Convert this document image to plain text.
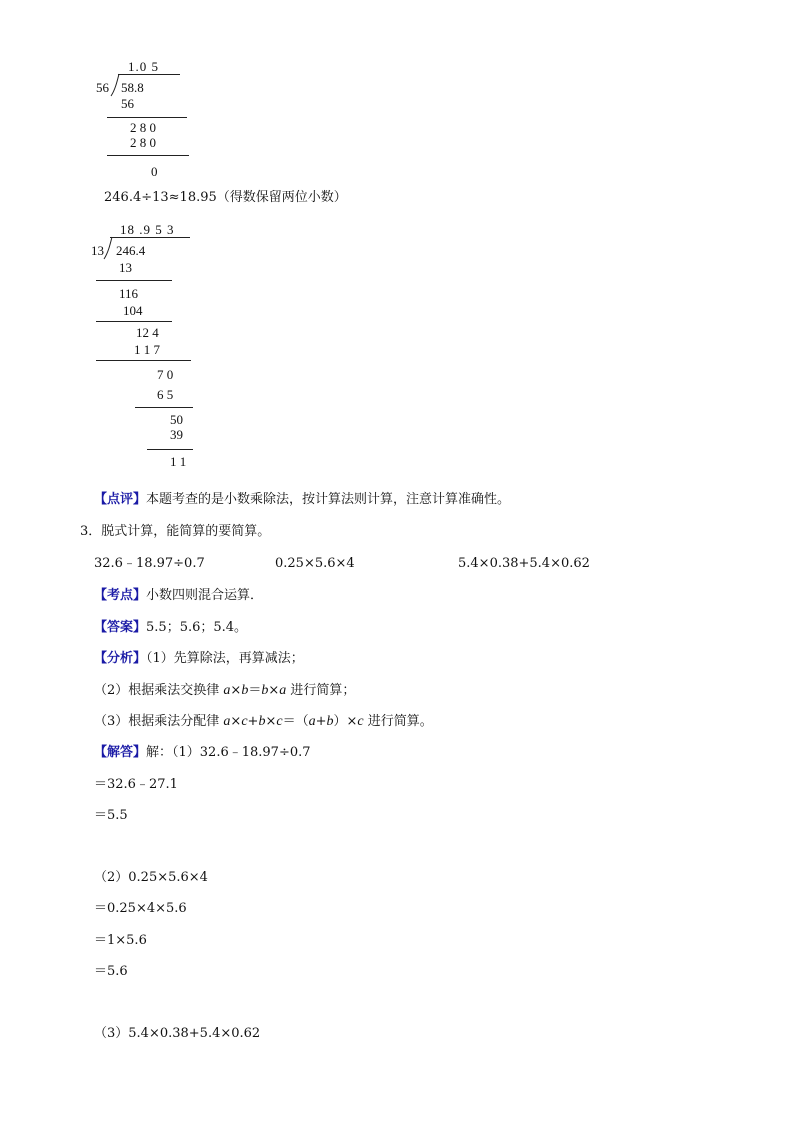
1.0 5
56 58.8
56
2 8 0
2 8 0
0
246.4÷13≈18.95（得数保留两位小数）
18 .9 5 3
13 246.4
13
116
104
12 4
1 1 7
7 0
6 5
50
39
1 1
【点评】本题考查的是小数乘除法，按计算法则计算，注意计算准确性。
3．脱式计算，能简算的要简算。
32.6﹣18.97÷0.7	0.25×5.6×4	5.4×0.38+5.4×0.62
【考点】小数四则混合运算．
【答案】5.5；5.6；5.4。
【分析】（1）先算除法，再算减法；
（2）根据乘法交换律 a×b＝b×a 进行简算；
（3）根据乘法分配律 a×c+b×c＝（a+b）×c 进行简算。
【解答】解：（1）32.6﹣18.97÷0.7
＝32.6﹣27.1
＝5.5
（2）0.25×5.6×4
＝0.25×4×5.6
＝1×5.6
＝5.6
（3）5.4×0.38+5.4×0.62
